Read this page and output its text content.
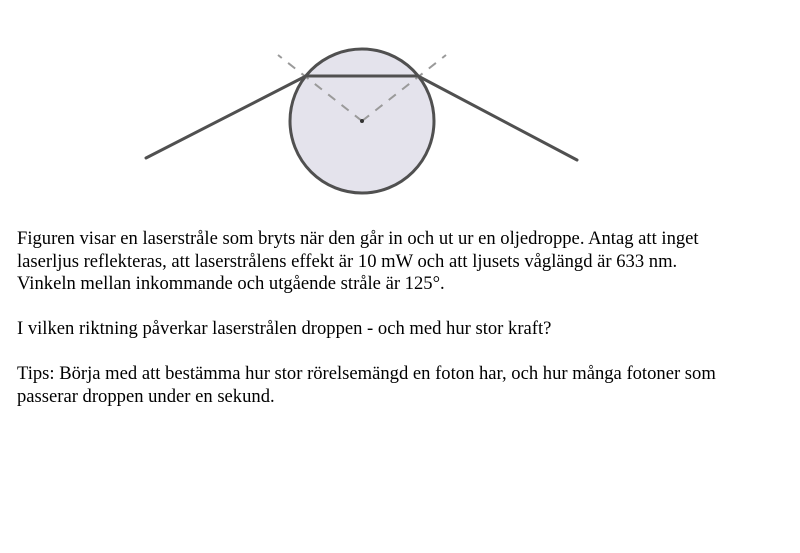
Figuren visar en laserstråle som bryts när den går in och ut ur en oljedroppe. Antag att inget

laserljus reflekteras, att laserstrålens effekt är 10 mW och att ljusets våglängd är 633 nm.

Vinkeln mellan inkommande och utgående stråle är 125°.

I vilken riktning påverkar laserstrålen droppen - och med hur stor kraft?

Tips: Börja med att bestämma hur stor rörelsemängd en foton har, och hur många fotoner som

passerar droppen under en sekund.
